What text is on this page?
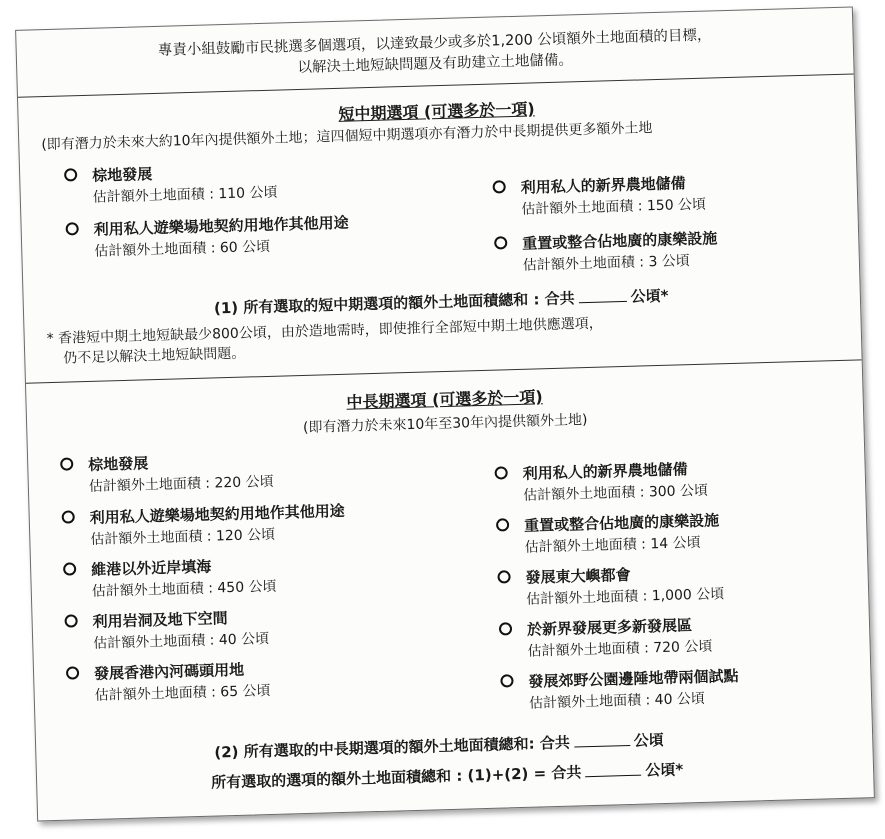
專責小組鼓勵市民挑選多個選項，以達致最少或多於1,200 公頃額外土地面積的目標，
以解決土地短缺問題及有助建立土地儲備。
短中期選項 (可選多於一項)
(即有潛力於未來大約10年內提供額外土地；這四個短中期選項亦有潛力於中長期提供更多額外土地
棕地發展
估計額外土地面積 : 110 公頃
利用私人遊樂場地契約用地作其他用途
估計額外土地面積 : 60 公頃
利用私人的新界農地儲備
估計額外土地面積 : 150 公頃
重置或整合佔地廣的康樂設施
估計額外土地面積 : 3 公頃
(1) 所有選取的短中期選項的額外土地面積總和 : 合共	公頃*
* 香港短中期土地短缺最少800公頃，由於造地需時，即使推行全部短中期土地供應選項，
仍不足以解決土地短缺問題。
中長期選項 (可選多於一項)
(即有潛力於未來10年至30年內提供額外土地)
棕地發展
估計額外土地面積 : 220 公頃
利用私人遊樂場地契約用地作其他用途
估計額外土地面積 : 120 公頃
維港以外近岸填海
估計額外土地面積 : 450 公頃
利用岩洞及地下空間
估計額外土地面積 : 40 公頃
發展香港內河碼頭用地
估計額外土地面積 : 65 公頃
利用私人的新界農地儲備
估計額外土地面積 : 300 公頃
重置或整合佔地廣的康樂設施
估計額外土地面積 : 14 公頃
發展東大嶼都會
估計額外土地面積 : 1,000 公頃
於新界發展更多新發展區
估計額外土地面積 : 720 公頃
發展郊野公園邊陲地帶兩個試點
估計額外土地面積 : 40 公頃
(2) 所有選取的中長期選項的額外土地面積總和: 合共	公頃
所有選取的選項的額外土地面積總和 : (1)+(2) = 合共	公頃*
